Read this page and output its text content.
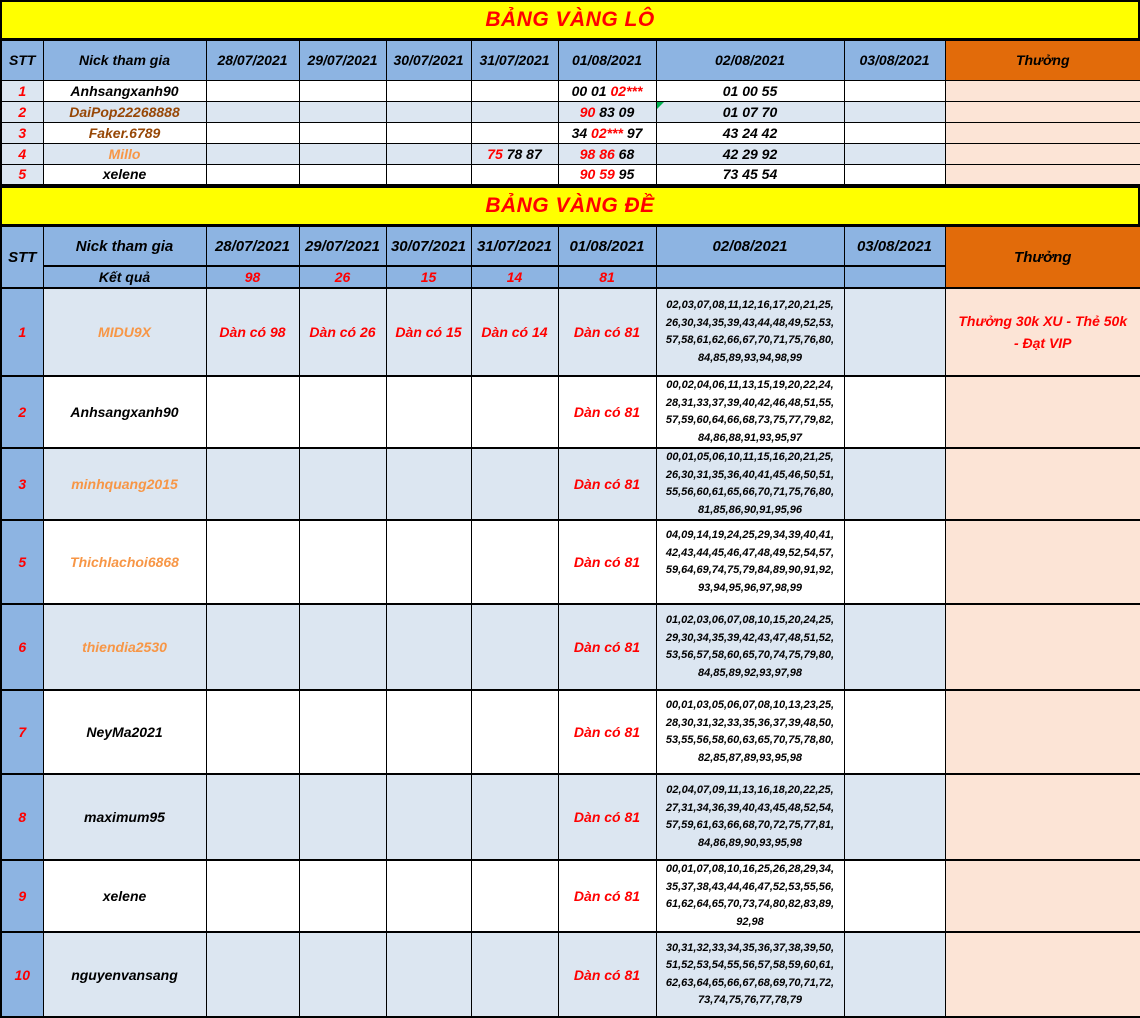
BẢNG VÀNG LÔ
STT	Nick tham gia	28/07/2021	29/07/2021	30/07/2021	31/07/2021	01/08/2021	02/08/2021	03/08/2021	Thưởng
1	Anhsangxanh90					00 01 02***	01 00 55		
2	DaiPop22268888					90 83 09	01 07 70		
3	Faker.6789					34 02*** 97	43 24 42		
4	Millo				75 78 87	98 86 68	42 29 92		
5	xelene					90 59 95	73 45 54		
BẢNG VÀNG ĐỀ
STT	Nick tham gia	28/07/2021	29/07/2021	30/07/2021	31/07/2021	01/08/2021	02/08/2021	03/08/2021	Thưởng
	Kết quả	98	26	15	14	81			
1	MIDU9X	Dàn có 98	Dàn có 26	Dàn có 15	Dàn có 14	Dàn có 81	02,​03,​07,​08,​11,​12,​16,​17,​20,​21,​25,​26,​30,​34,​35,​39,​43,​44,​48,​49,​52,​53,​57,​58,​61,​62,​66,​67,​70,​71,​75,​76,​80,​84,​85,​89,​93,​94,​98,​99		Thưởng 30k XU - Thẻ 50k - Đạt VIP
2	Anhsangxanh90					Dàn có 81	00,​02,​04,​06,​11,​13,​15,​19,​20,​22,​24,​28,​31,​33,​37,​39,​40,​42,​46,​48,​51,​55,​57,​59,​60,​64,​66,​68,​73,​75,​77,​79,​82,​84,​86,​88,​91,​93,​95,​97		
3	minhquang2015					Dàn có 81	00,​01,​05,​06,​10,​11,​15,​16,​20,​21,​25,​26,​30,​31,​35,​36,​40,​41,​45,​46,​50,​51,​55,​56,​60,​61,​65,​66,​70,​71,​75,​76,​80,​81,​85,​86,​90,​91,​95,​96		
5	Thichlachoi6868					Dàn có 81	04,​09,​14,​19,​24,​25,​29,​34,​39,​40,​41,​42,​43,​44,​45,​46,​47,​48,​49,​52,​54,​57,​59,​64,​69,​74,​75,​79,​84,​89,​90,​91,​92,​93,​94,​95,​96,​97,​98,​99		
6	thiendia2530					Dàn có 81	01,​02,​03,​06,​07,​08,​10,​15,​20,​24,​25,​29,​30,​34,​35,​39,​42,​43,​47,​48,​51,​52,​53,​56,​57,​58,​60,​65,​70,​74,​75,​79,​80,​84,​85,​89,​92,​93,​97,​98		
7	NeyMa2021					Dàn có 81	00,​01,​03,​05,​06,​07,​08,​10,​13,​23,​25,​28,​30,​31,​32,​33,​35,​36,​37,​39,​48,​50,​53,​55,​56,​58,​60,​63,​65,​70,​75,​78,​80,​82,​85,​87,​89,​93,​95,​98		
8	maximum95					Dàn có 81	02,​04,​07,​09,​11,​13,​16,​18,​20,​22,​25,​27,​31,​34,​36,​39,​40,​43,​45,​48,​52,​54,​57,​59,​61,​63,​66,​68,​70,​72,​75,​77,​81,​84,​86,​89,​90,​93,​95,​98		
9	xelene					Dàn có 81	00,​01,​07,​08,​10,​16,​25,​26,​28,​29,​34,​35,​37,​38,​43,​44,​46,​47,​52,​53,​55,​56,​61,​62,​64,​65,​70,​73,​74,​80,​82,​83,​89,​92,​98		
10	nguyenvansang					Dàn có 81	30,​31,​32,​33,​34,​35,​36,​37,​38,​39,​50,​51,​52,​53,​54,​55,​56,​57,​58,​59,​60,​61,​62,​63,​64,​65,​66,​67,​68,​69,​70,​71,​72,​73,​74,​75,​76,​77,​78,​79		
